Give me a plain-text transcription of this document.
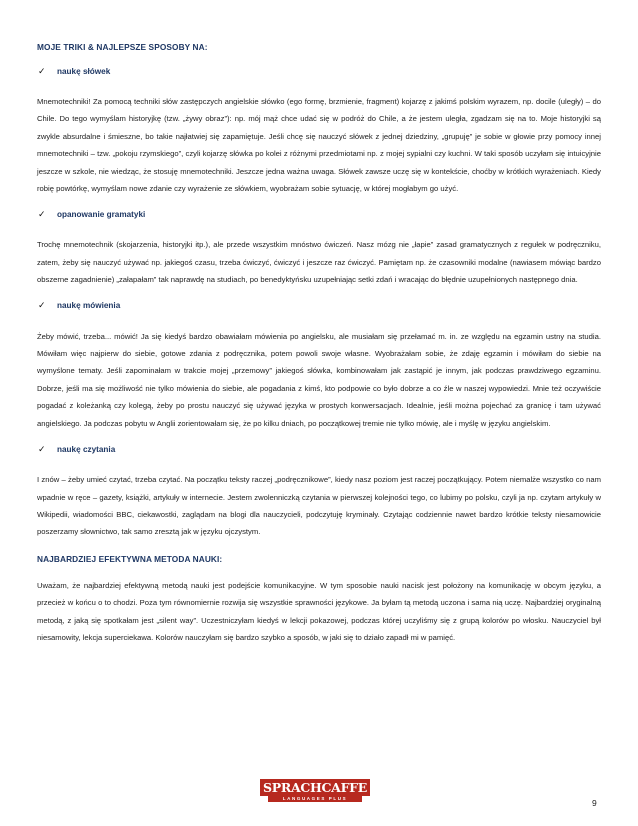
MOJE TRIKI & NAJLEPSZE SPOSOBY NA:

✓ naukę słówek

Mnemotechniki! Za pomocą techniki słów zastępczych angielskie słówko (ego formę, brzmienie, fragment) kojarzę z jakimś polskim wyrazem, np. docile (uległy) – do Chile. Do tego wymyślam historyjkę (tzw. „żywy obraz”): np. mój mąż chce udać się w podróż do Chile, a że jestem uległa, zgadzam się na to. Moje historyjki są zwykle absurdalne i śmieszne, bo takie najłatwiej się zapamiętuje. Jeśli chcę się nauczyć słówek z jednej dziedziny, „grupuję” je sobie w głowie przy pomocy innej mnemotechniki – tzw. „pokoju rzymskiego”, czyli kojarzę słówka po kolei z różnymi przedmiotami np. z mojej sypialni czy kuchni. W taki sposób uczyłam się intuicyjnie jeszcze w szkole, nie wiedząc, że stosuję mnemotechniki. Jeszcze jedna ważna uwaga. Słówek zawsze uczę się w kontekście, choćby w krótkich wyrażeniach. Kiedy robię powtórkę, wymyślam nowe zdanie czy wyrażenie ze słówkiem, wyobrażam sobie sytuację, w której mogłabym go użyć.

✓ opanowanie gramatyki

Trochę mnemotechnik (skojarzenia, historyjki itp.), ale przede wszystkim mnóstwo ćwiczeń. Nasz mózg nie „łapie” zasad gramatycznych z regułek w podręczniku, zatem, żeby się nauczyć używać np. jakiegoś czasu, trzeba ćwiczyć, ćwiczyć i jeszcze raz ćwiczyć. Pamiętam np. że czasowniki modalne (nawiasem mówiąc bardzo obszerne zagadnienie) „załapałam” tak naprawdę na studiach, po benedyktyńsku uzupełniając setki zdań i wracając do błędnie uzupełnionych następnego dnia.

✓ naukę mówienia

Żeby mówić, trzeba... mówić! Ja się kiedyś bardzo obawiałam mówienia po angielsku, ale musiałam się przełamać m. in. ze względu na egzamin ustny na studia. Mówiłam więc najpierw do siebie, gotowe zdania z podręcznika, potem powoli swoje własne. Wyobrażałam sobie, że zdaję egzamin i mówiłam do siebie na wymyślone tematy. Jeśli zapominałam w trakcie mojej „przemowy” jakiegoś słówka, kombinowałam jak zastąpić je innym, jak podczas prawdziwego egzaminu. Dobrze, jeśli ma się możliwość nie tylko mówienia do siebie, ale pogadania z kimś, kto podpowie co było dobrze a co źle w naszej wypowiedzi. Mnie też oczywiście pogadać z koleżanką czy kolegą, żeby po prostu nauczyć się używać języka w prostych konwersacjach. Idealnie, jeśli można pojechać za granicę i tam używać angielskiego. Ja podczas pobytu w Anglii zorientowałam się, że po kilku dniach, po początkowej tremie nie tylko mówię, ale i myślę w języku angielskim.

✓ naukę czytania

I znów – żeby umieć czytać, trzeba czytać. Na początku teksty raczej „podręcznikowe”, kiedy nasz poziom jest raczej początkujący. Potem niemalże wszystko co nam wpadnie w ręce – gazety, książki, artykuły w internecie. Jestem zwolenniczką czytania w pierwszej kolejności tego, co lubimy po polsku, czyli ja np. czytam artykuły w Wikipedii, wiadomości BBC, ciekawostki, zaglądam na blogi dla nauczycieli, podczytuję kryminały. Czytając codziennie nawet bardzo krótkie teksty niesamowicie poszerzamy słownictwo, tak samo zresztą jak w języku ojczystym.

NAJBARDZIEJ EFEKTYWNA METODA NAUKI:

Uważam, że najbardziej efektywną metodą nauki jest podejście komunikacyjne. W tym sposobie nauki nacisk jest położony na komunikację w obcym języku, a przecież w końcu o to chodzi. Poza tym równomiernie rozwija się wszystkie sprawności językowe. Ja byłam tą metodą uczona i sama nią uczę. Najbardziej oryginalną metodą, z jaką się spotkałam jest „silent way”. Uczestniczyłam kiedyś w lekcji pokazowej, podczas której uczyliśmy się z grupą kolorów po włosku. Nauczyciel był niesamowity, lekcja superciekawa. Kolorów nauczyłam się bardzo szybko a sposób, w jaki się to działo zapadł mi w pamięć.

SPRACHCAFFE
LANGUAGES PLUS	9
